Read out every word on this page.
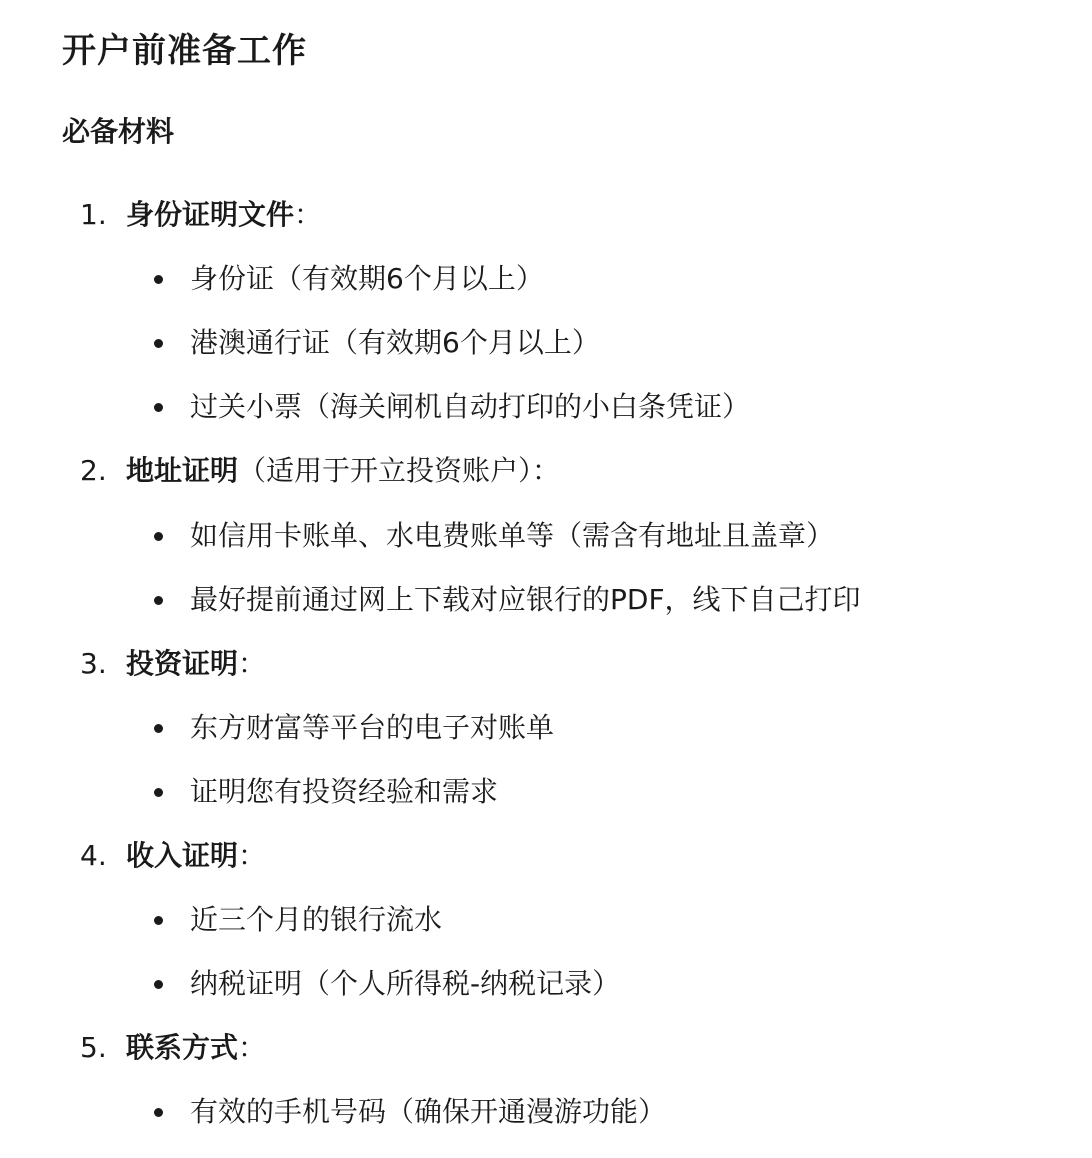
开户前准备工作
必备材料
1. 身份证明文件：
身份证（有效期6个月以上）
港澳通行证（有效期6个月以上）
过关小票（海关闸机自动打印的小白条凭证）
2. 地址证明（适用于开立投资账户）：
如信用卡账单、水电费账单等（需含有地址且盖章）
最好提前通过网上下载对应银行的PDF，线下自己打印
3. 投资证明：
东方财富等平台的电子对账单
证明您有投资经验和需求
4. 收入证明：
近三个月的银行流水
纳税证明（个人所得税-纳税记录）
5. 联系方式：
有效的手机号码（确保开通漫游功能）
